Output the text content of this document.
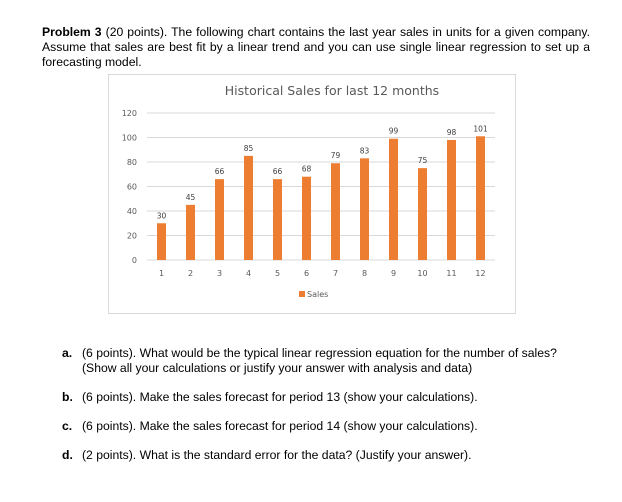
Problem 3 (20 points). The following chart contains the last year sales in units for a given company. Assume that sales are best fit by a linear trend and you can use single linear regression to set up a forecasting model.

Historical Sales for last 12 months
0
20
40
60
80
100
120
30
1
45
2
66
3
85
4
66
5
68
6
79
7
83
8
99
9
75
10
98
11
101
12
Sales
a. (6 points). What would be the typical linear regression equation for the number of sales? (Show all your calculations or justify your answer with analysis and data)
b. (6 points). Make the sales forecast for period 13 (show your calculations).
c. (6 points). Make the sales forecast for period 14 (show your calculations).
d. (2 points). What is the standard error for the data? (Justify your answer).
